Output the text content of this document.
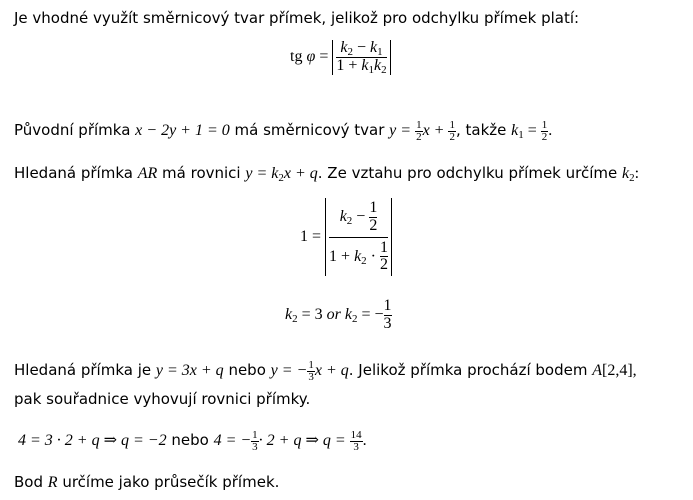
Je vhodné využít směrnicový tvar přímek, jelikož pro odchylku přímek platí:
tg $\varphi = \frac{k_2 - k_1}{1 + k_1k_2}$
Původní přímka x − 2y + 1 = 0 má směrnicový tvar $y = \frac{1}{2}$ $x + \frac{1}{2}$ , takže $k_1 = \frac{1}{2}$ .
Hledaná přímka AR má rovnici $y = k_2x + q$. Ze vztahu pro odchylku přímek určíme $k_2$:
$1 = \frac{k_2 - \frac{1}{2}}{1 + k_2 \cdot \frac{1}{2}}$
$k_2 = 3$ or $k_2$ = − $\frac{1}{3}$
Hledaná přímka je y = 3x + q nebo y = − $\frac{1}{3}$ x + q. Jelikož přímka prochází bodem A[2,4],
pak souřadnice vyhovují rovnici přímky.
4 = 3 · 2 + q ⇒ q = −2 nebo 4 = − $\frac{1}{3} \cdot 2 + q$ ⇒ $q = \frac{14}{3}$ .
Bod R určíme jako průsečík přímek.
